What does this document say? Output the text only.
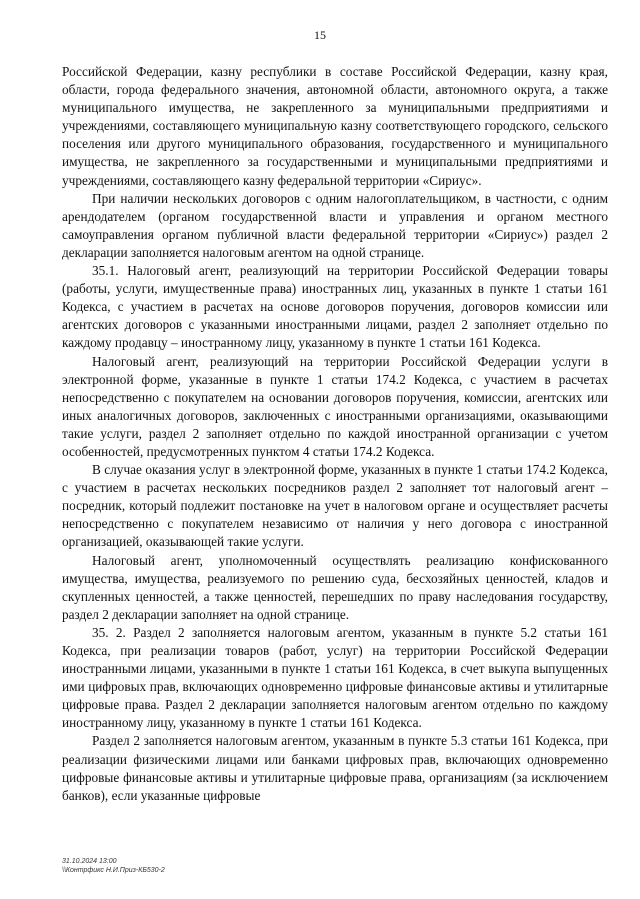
15

Российской Федерации, казну республики в составе Российской Федерации, казну края, области, города федерального значения, автономной области, автономного округа, а также муниципального имущества, не закрепленного за муниципальными предприятиями и учреждениями, составляющего муниципальную казну соответствующего городского, сельского поселения или другого муниципального образования, государственного и муниципального имущества, не закрепленного за государственными и муниципальными предприятиями и учреждениями, составляющего казну федеральной территории «Сириус».

При наличии нескольких договоров с одним налогоплательщиком, в частности, с одним арендодателем (органом государственной власти и управления и органом местного самоуправления органом публичной власти федеральной территории «Сириус») раздел 2 декларации заполняется налоговым агентом на одной странице.

35.1. Налоговый агент, реализующий на территории Российской Федерации товары (работы, услуги, имущественные права) иностранных лиц, указанных в пункте 1 статьи 161 Кодекса, с участием в расчетах на основе договоров поручения, договоров комиссии или агентских договоров с указанными иностранными лицами, раздел 2 заполняет отдельно по каждому продавцу – иностранному лицу, указанному в пункте 1 статьи 161 Кодекса.

Налоговый агент, реализующий на территории Российской Федерации услуги в электронной форме, указанные в пункте 1 статьи 174.2 Кодекса, с участием в расчетах непосредственно с покупателем на основании договоров поручения, комиссии, агентских или иных аналогичных договоров, заключенных с иностранными организациями, оказывающими такие услуги, раздел 2 заполняет отдельно по каждой иностранной организации с учетом особенностей, предусмотренных пунктом 4 статьи 174.2 Кодекса.

В случае оказания услуг в электронной форме, указанных в пункте 1 статьи 174.2 Кодекса, с участием в расчетах нескольких посредников раздел 2 заполняет тот налоговый агент – посредник, который подлежит постановке на учет в налоговом органе и осуществляет расчеты непосредственно с покупателем независимо от наличия у него договора с иностранной организацией, оказывающей такие услуги.

Налоговый агент, уполномоченный осуществлять реализацию конфискованного имущества, имущества, реализуемого по решению суда, бесхозяйных ценностей, кладов и скупленных ценностей, а также ценностей, перешедших по праву наследования государству, раздел 2 декларации заполняет на одной странице.

35. 2. Раздел 2 заполняется налоговым агентом, указанным в пункте 5.2 статьи 161 Кодекса, при реализации товаров (работ, услуг) на территории Российской Федерации иностранными лицами, указанными в пункте 1 статьи 161 Кодекса, в счет выкупа выпущенных ими цифровых прав, включающих одновременно цифровые финансовые активы и утилитарные цифровые права. Раздел 2 декларации заполняется налоговым агентом отдельно по каждому иностранному лицу, указанному в пункте 1 статьи 161 Кодекса.

Раздел 2 заполняется налоговым агентом, указанным в пункте 5.3 статьи 161 Кодекса, при реализации физическими лицами или банками цифровых прав, включающих одновременно цифровые финансовые активы и утилитарные цифровые права, организациям (за исключением банков), если указанные цифровые

31.10.2024 13:00
\\Контрфикс Н.И.Приз-КБ530-2
